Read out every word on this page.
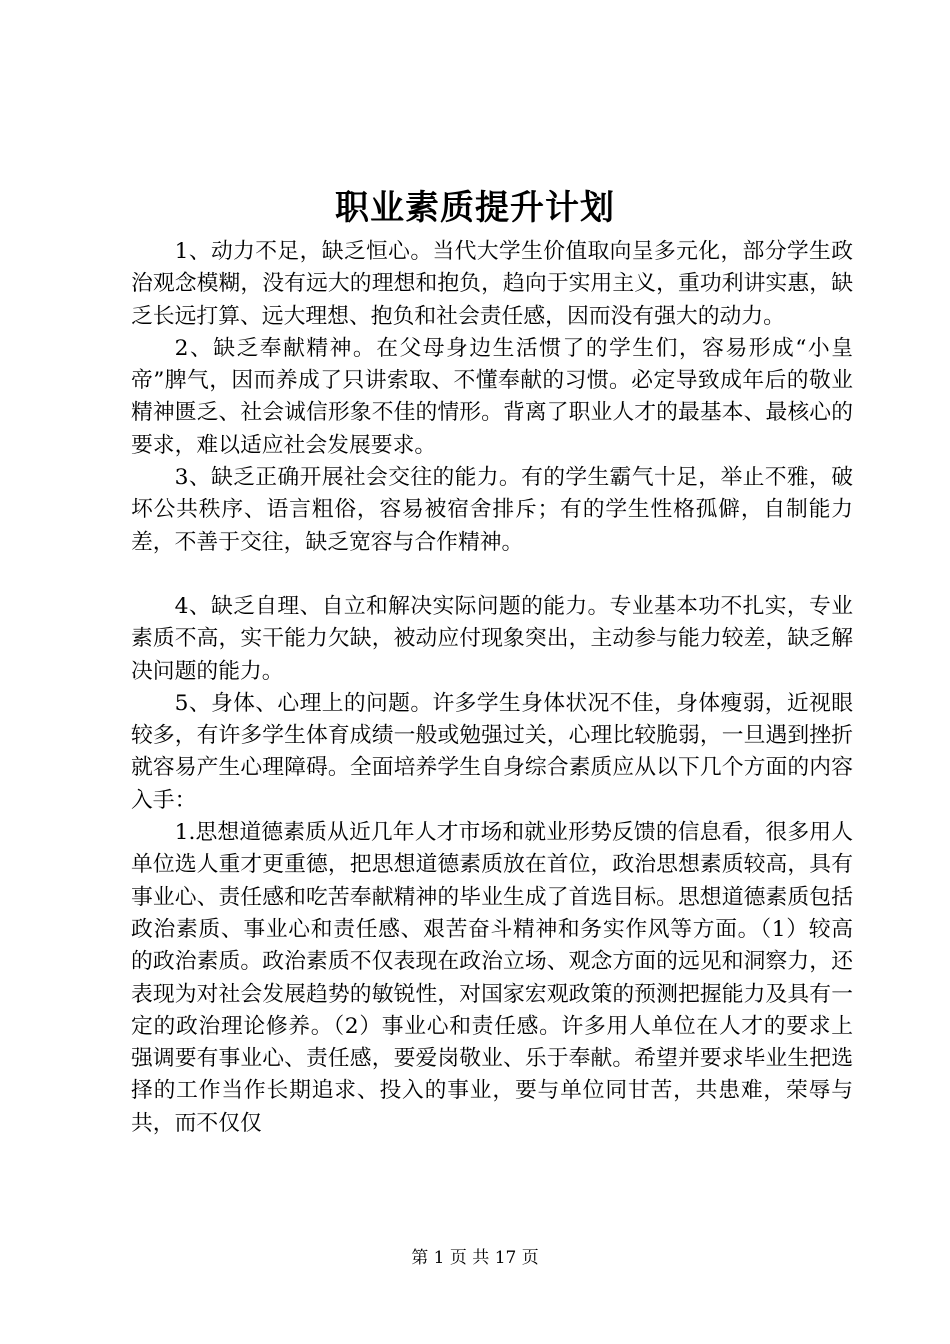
职业素质提升计划

1、动力不足，缺乏恒心。当代大学生价值取向呈多元化，部分学生政治观念模糊，没有远大的理想和抱负，趋向于实用主义，重功利讲实惠，缺乏长远打算、远大理想、抱负和社会责任感，因而没有强大的动力。

2、缺乏奉献精神。在父母身边生活惯了的学生们，容易形成“小皇帝”脾气，因而养成了只讲索取、不懂奉献的习惯。必定导致成年后的敬业精神匮乏、社会诚信形象不佳的情形。背离了职业人才的最基本、最核心的要求，难以适应社会发展要求。

3、缺乏正确开展社会交往的能力。有的学生霸气十足，举止不雅，破坏公共秩序、语言粗俗，容易被宿舍排斥；有的学生性格孤僻，自制能力差，不善于交往，缺乏宽容与合作精神。

4、缺乏自理、自立和解决实际问题的能力。专业基本功不扎实，专业素质不高，实干能力欠缺，被动应付现象突出，主动参与能力较差，缺乏解决问题的能力。

5、身体、心理上的问题。许多学生身体状况不佳，身体瘦弱，近视眼较多，有许多学生体育成绩一般或勉强过关，心理比较脆弱，一旦遇到挫折就容易产生心理障碍。全面培养学生自身综合素质应从以下几个方面的内容入手：

1.思想道德素质从近几年人才市场和就业形势反馈的信息看，很多用人单位选人重才更重德，把思想道德素质放在首位，政治思想素质较高，具有事业心、责任感和吃苦奉献精神的毕业生成了首选目标。思想道德素质包括政治素质、事业心和责任感、艰苦奋斗精神和务实作风等方面。（1）较高的政治素质。政治素质不仅表现在政治立场、观念方面的远见和洞察力，还表现为对社会发展趋势的敏锐性，对国家宏观政策的预测把握能力及具有一定的政治理论修养。（2）事业心和责任感。许多用人单位在人才的要求上强调要有事业心、责任感，要爱岗敬业、乐于奉献。希望并要求毕业生把选择的工作当作长期追求、投入的事业，要与单位同甘苦，共患难，荣辱与共，而不仅仅

第 1 页 共 17 页
